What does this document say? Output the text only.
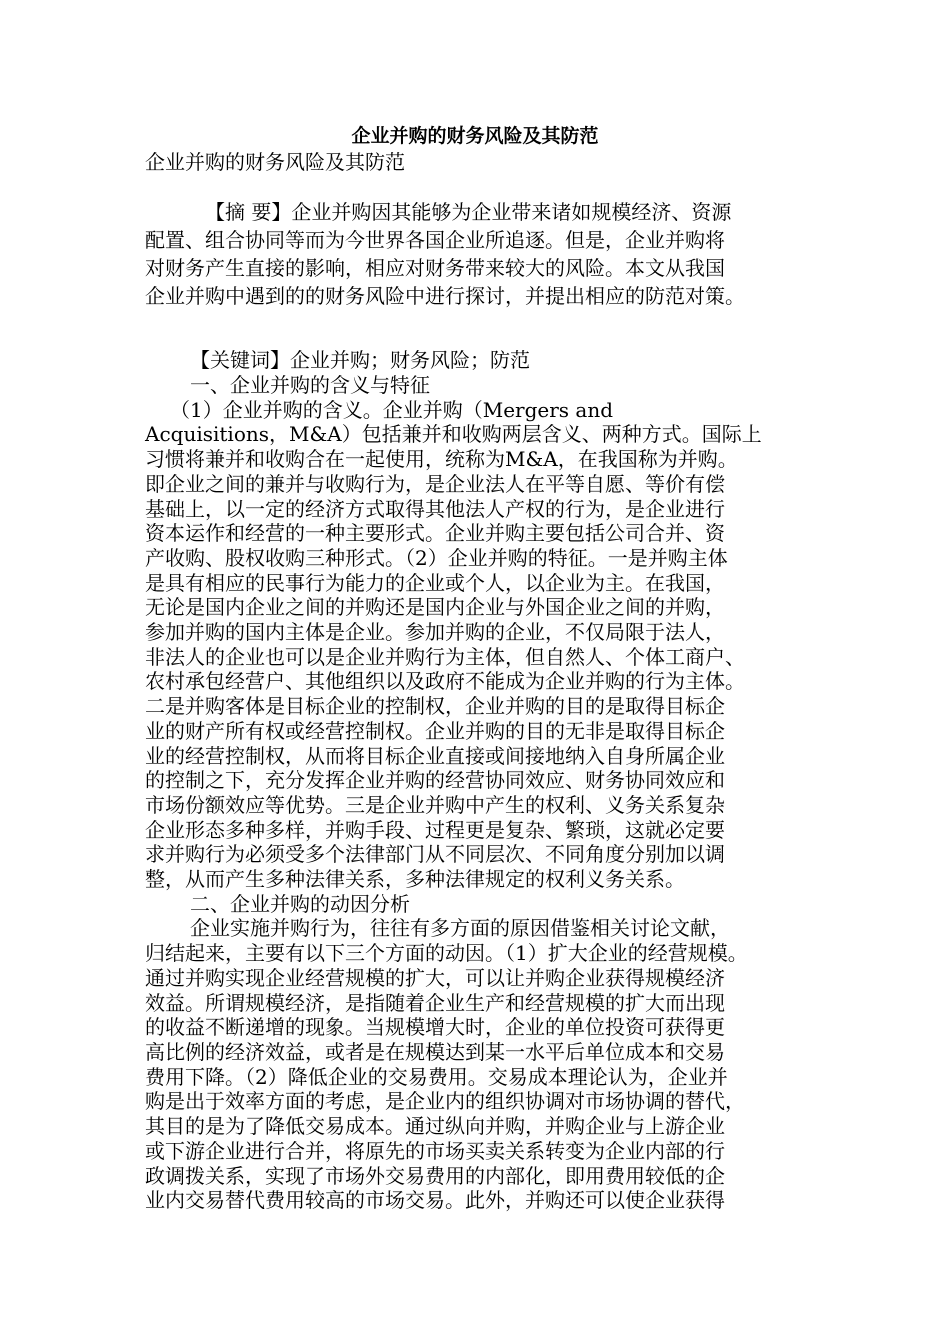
企业并购的财务风险及其防范
企业并购的财务风险及其防范
【摘 要】企业并购因其能够为企业带来诸如规模经济、资源
配置、组合协同等而为今世界各国企业所追逐。但是，企业并购将
对财务产生直接的影响，相应对财务带来较大的风险。本文从我国
企业并购中遇到的的财务风险中进行探讨，并提出相应的防范对策。
【关键词】企业并购；财务风险；防范
一、企业并购的含义与特征
（1）企业并购的含义。企业并购（Mergers and
Acquisitions，M&A）包括兼并和收购两层含义、两种方式。国际上
习惯将兼并和收购合在一起使用，统称为M&A，在我国称为并购。
即企业之间的兼并与收购行为，是企业法人在平等自愿、等价有偿
基础上，以一定的经济方式取得其他法人产权的行为，是企业进行
资本运作和经营的一种主要形式。企业并购主要包括公司合并、资
产收购、股权收购三种形式。（2）企业并购的特征。一是并购主体
是具有相应的民事行为能力的企业或个人，以企业为主。在我国，
无论是国内企业之间的并购还是国内企业与外国企业之间的并购，
参加并购的国内主体是企业。参加并购的企业，不仅局限于法人，
非法人的企业也可以是企业并购行为主体，但自然人、个体工商户、
农村承包经营户、其他组织以及政府不能成为企业并购的行为主体。
二是并购客体是目标企业的控制权，企业并购的目的是取得目标企
业的财产所有权或经营控制权。企业并购的目的无非是取得目标企
业的经营控制权，从而将目标企业直接或间接地纳入自身所属企业
的控制之下，充分发挥企业并购的经营协同效应、财务协同效应和
市场份额效应等优势。三是企业并购中产生的权利、义务关系复杂
企业形态多种多样，并购手段、过程更是复杂、繁琐，这就必定要
求并购行为必须受多个法律部门从不同层次、不同角度分别加以调
整，从而产生多种法律关系，多种法律规定的权利义务关系。
二、企业并购的动因分析
企业实施并购行为，往往有多方面的原因借鉴相关讨论文献，
归结起来，主要有以下三个方面的动因。（1）扩大企业的经营规模。
通过并购实现企业经营规模的扩大，可以让并购企业获得规模经济
效益。所谓规模经济，是指随着企业生产和经营规模的扩大而出现
的收益不断递增的现象。当规模增大时，企业的单位投资可获得更
高比例的经济效益，或者是在规模达到某一水平后单位成本和交易
费用下降。（2）降低企业的交易费用。交易成本理论认为，企业并
购是出于效率方面的考虑，是企业内的组织协调对市场协调的替代，
其目的是为了降低交易成本。通过纵向并购，并购企业与上游企业
或下游企业进行合并，将原先的市场买卖关系转变为企业内部的行
政调拨关系，实现了市场外交易费用的内部化，即用费用较低的企
业内交易替代费用较高的市场交易。此外，并购还可以使企业获得
